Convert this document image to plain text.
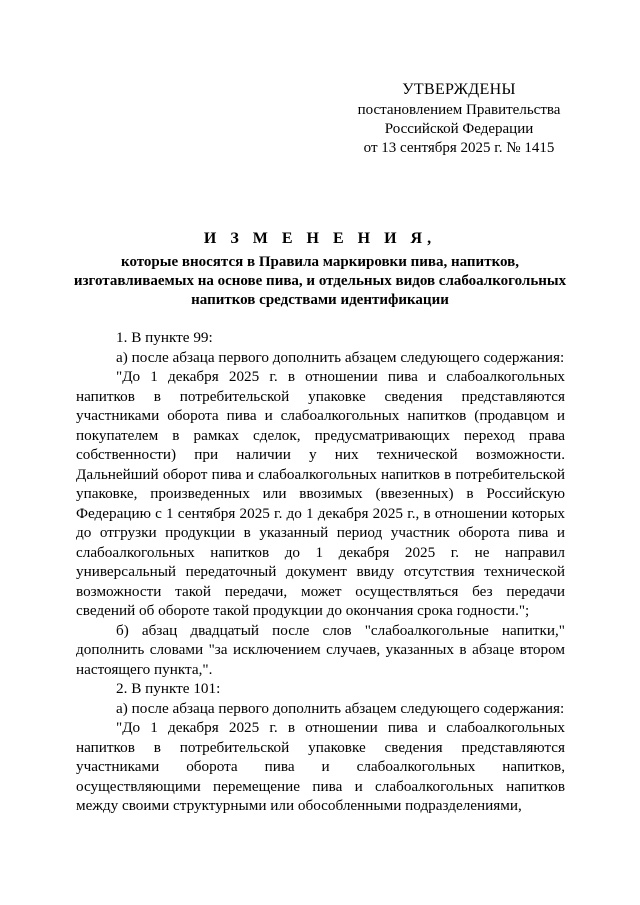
УТВЕРЖДЕНЫ
постановлением Правительства
Российской Федерации
от 13 сентября 2025 г. № 1415
И З М Е Н Е Н И Я,
которые вносятся в Правила маркировки пива, напитков, изготавливаемых на основе пива, и отдельных видов слабоалкогольных напитков средствами идентификации

1. В пункте 99:

а) после абзаца первого дополнить абзацем следующего содержания:

"До 1 декабря 2025 г. в отношении пива и слабоалкогольных напитков в потребительской упаковке сведения представляются участниками оборота пива и слабоалкогольных напитков (продавцом и покупателем в рамках сделок, предусматривающих переход права собственности) при наличии у них технической возможности. Дальнейший оборот пива и слабоалкогольных напитков в потребительской упаковке, произведенных или ввозимых (ввезенных) в Российскую Федерацию с 1 сентября 2025 г. до 1 декабря 2025 г., в отношении которых до отгрузки продукции в указанный период участник оборота пива и слабоалкогольных напитков до 1 декабря 2025 г. не направил универсальный передаточный документ ввиду отсутствия технической возможности такой передачи, может осуществляться без передачи сведений об обороте такой продукции до окончания срока годности.";

б) абзац двадцатый после слов "слабоалкогольные напитки," дополнить словами "за исключением случаев, указанных в абзаце втором настоящего пункта,".

2. В пункте 101:

а) после абзаца первого дополнить абзацем следующего содержания:

"До 1 декабря 2025 г. в отношении пива и слабоалкогольных напитков в потребительской упаковке сведения представляются участниками оборота пива и слабоалкогольных напитков, осуществляющими перемещение пива и слабоалкогольных напитков между своими структурными или обособленными подразделениями,
